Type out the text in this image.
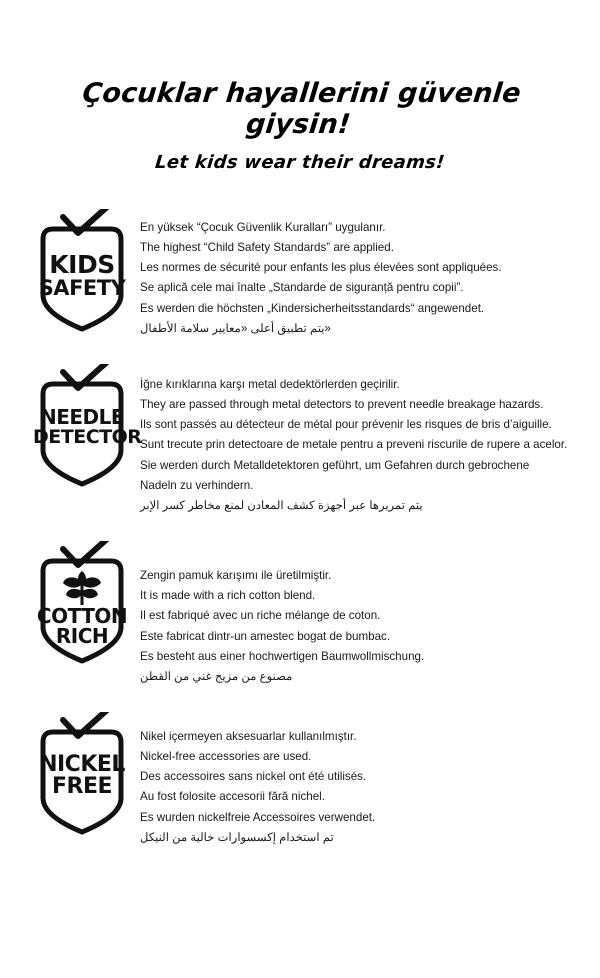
Çocuklar hayallerini güvenle giysin!
Let kids wear their dreams!
KIDS
SAFETY

En yüksek “Çocuk Güvenlik Kuralları” uygulanır.

The highest “Child Safety Standards” are applied.

Les normes de sécurité pour enfants les plus élevées sont appliquées.

Se aplică cele mai înalte „Standarde de siguranță pentru copii”.

Es werden die höchsten „Kindersicherheitsstandards“ angewendet.

«يتم تطبيق أعلى «معايير سلامة الأطفال

NEEDLE
DETECTOR

İğne kırıklarına karşı metal dedektörlerden geçirilir.

They are passed through metal detectors to prevent needle breakage hazards.

Ils sont passés au détecteur de métal pour prévenir les risques de bris d’aiguille.

Sunt trecute prin detectoare de metale pentru a preveni riscurile de rupere a acelor.

Sie werden durch Metalldetektoren geführt, um Gefahren durch gebrochene

Nadeln zu verhindern.

يتم تمريرها عبر أجهزة كشف المعادن لمنع مخاطر كسر الإبر

COTTON
RICH

Zengin pamuk karışımı ile üretilmiştir.

It is made with a rich cotton blend.

Il est fabriqué avec un riche mélange de coton.

Este fabricat dintr-un amestec bogat de bumbac.

Es besteht aus einer hochwertigen Baumwollmischung.

مصنوع من مزيج غني من القطن

NICKEL
FREE

Nikel içermeyen aksesuarlar kullanılmıştır.

Nickel-free accessories are used.

Des accessoires sans nickel ont été utilisés.

Au fost folosite accesorii fără nichel.

Es wurden nickelfreie Accessoires verwendet.

تم استخدام إكسسوارات خالية من النيكل
